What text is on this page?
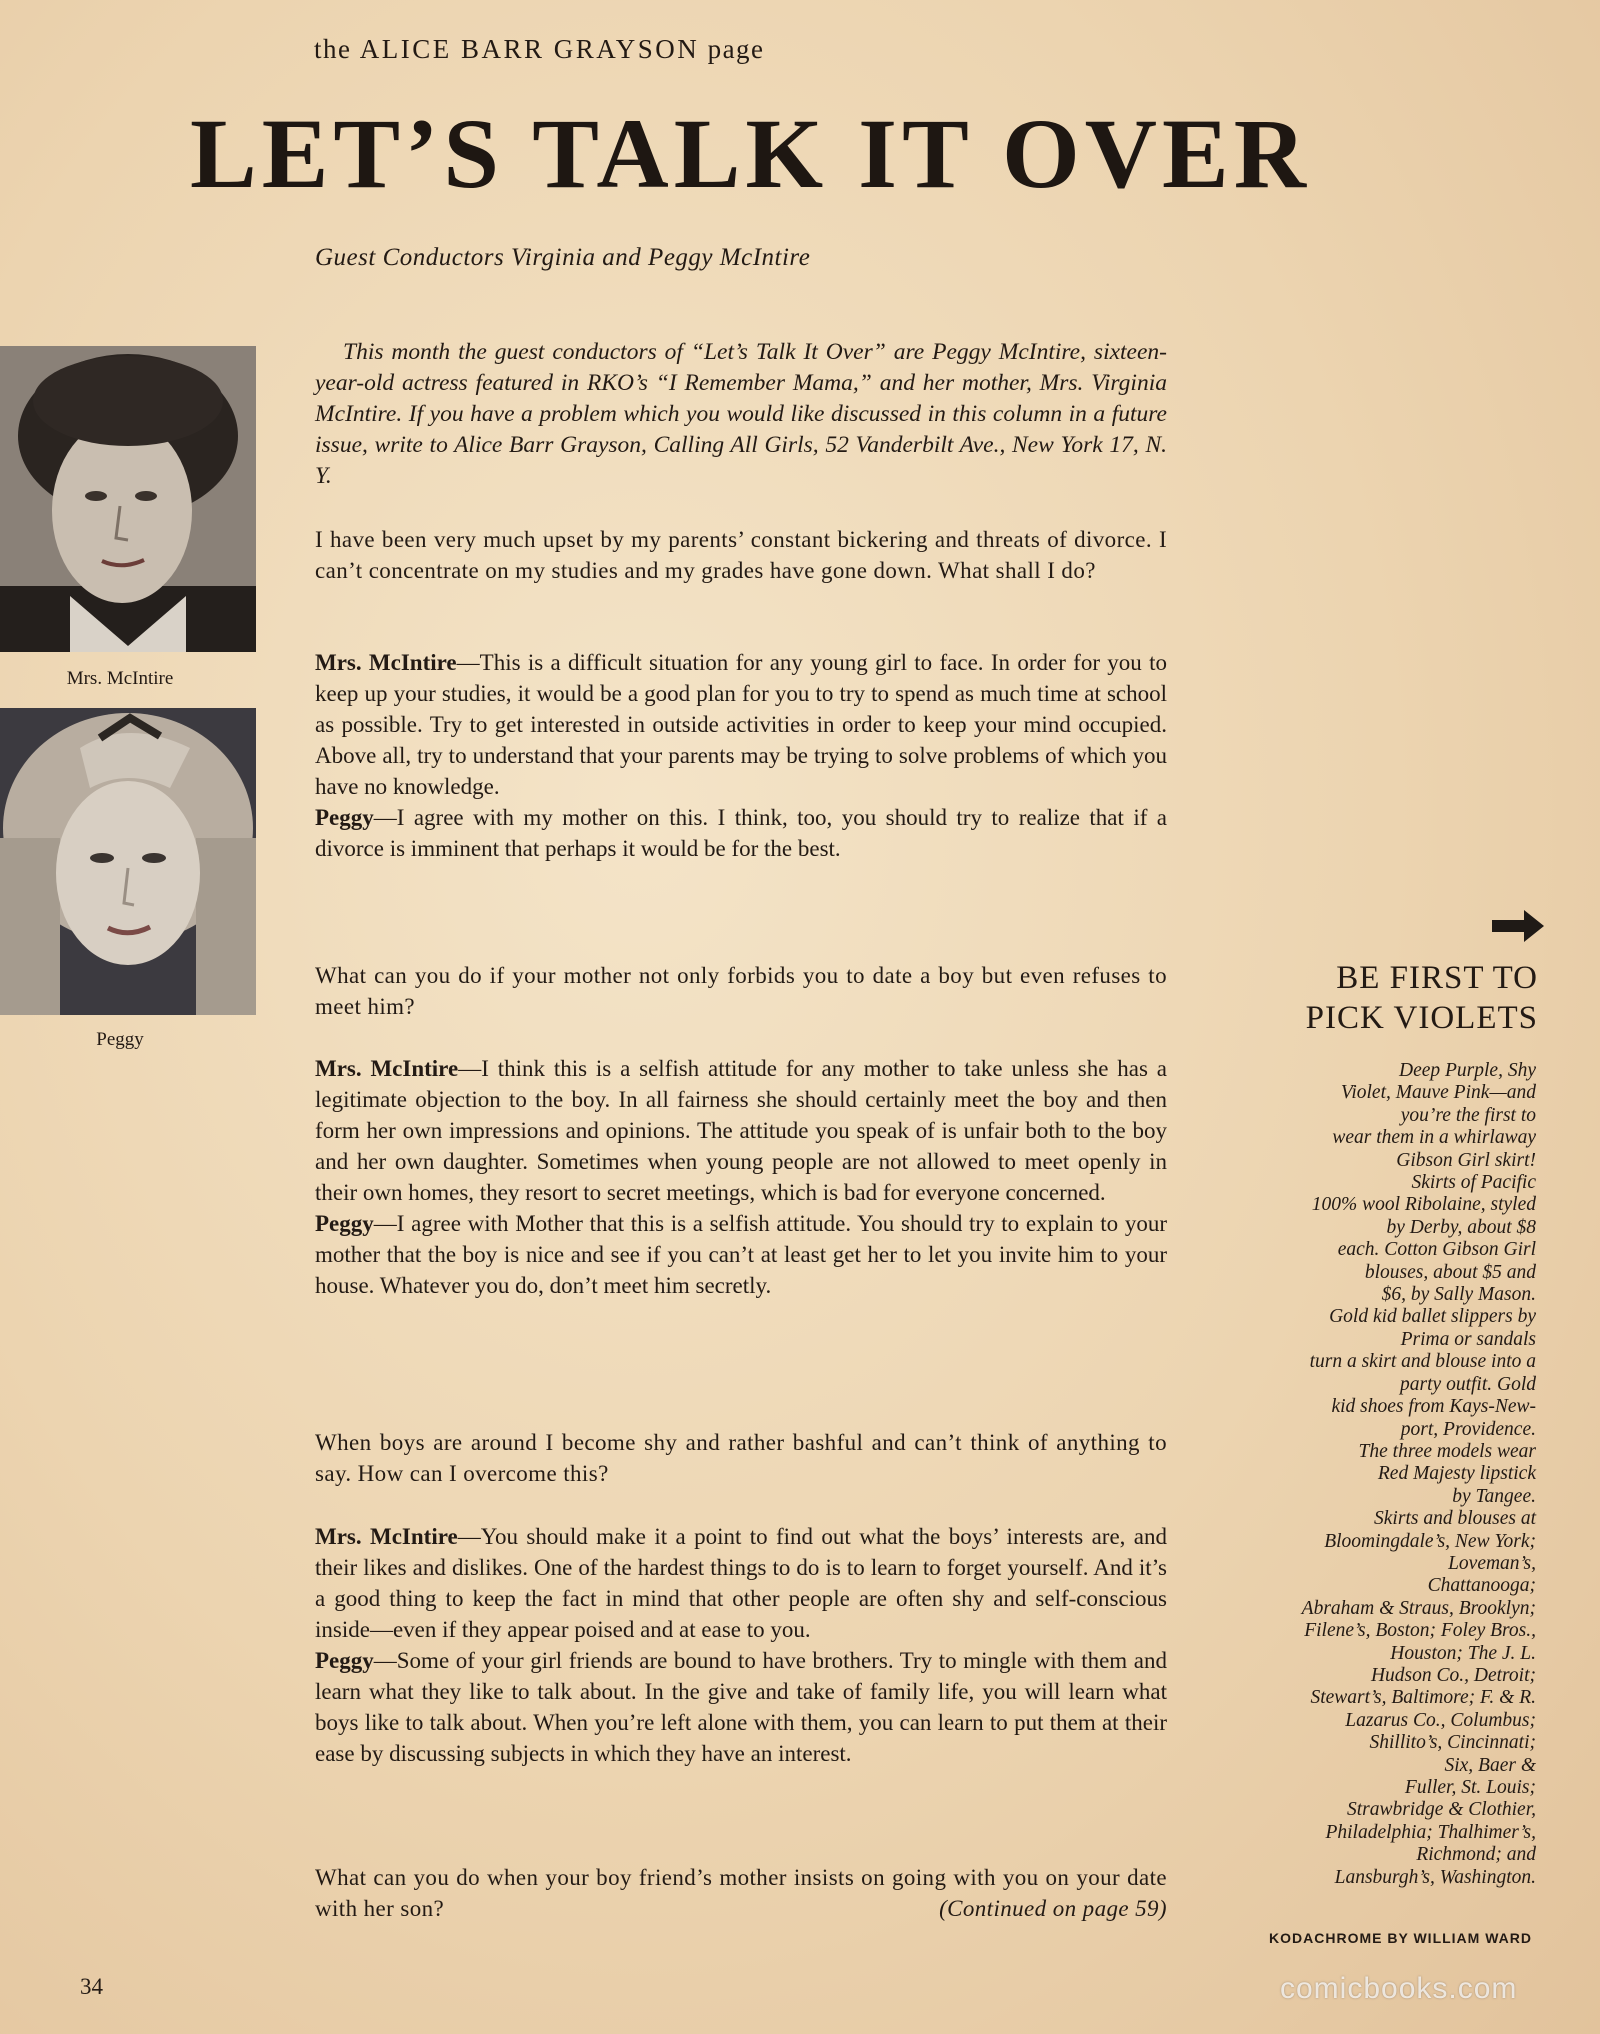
the ALICE BARR GRAYSON page
LET’S TALK IT OVER
Guest Conductors Virginia and Peggy McIntire
Mrs. McIntire
Peggy

This month the guest conductors of “Let’s Talk It Over” are Peggy McIntire, sixteen-year-old actress featured in RKO’s “I Remember Mama,” and her mother, Mrs. Virginia McIntire. If you have a problem which you would like discussed in this column in a future issue, write to Alice Barr Grayson, Calling All Girls, 52 Vanderbilt Ave., New York 17, N. Y.

I have been very much upset by my parents’ constant bickering and threats of divorce. I can’t concentrate on my studies and my grades have gone down. What shall I do?

Mrs. McIntire—This is a difficult situation for any young girl to face. In order for you to keep up your studies, it would be a good plan for you to try to spend as much time at school as possible. Try to get interested in outside activities in order to keep your mind occupied. Above all, try to understand that your parents may be trying to solve problems of which you have no knowledge.

Peggy—I agree with my mother on this. I think, too, you should try to realize that if a divorce is imminent that perhaps it would be for the best.

What can you do if your mother not only forbids you to date a boy but even refuses to meet him?

Mrs. McIntire—I think this is a selfish attitude for any mother to take unless she has a legitimate objection to the boy. In all fairness she should certainly meet the boy and then form her own impressions and opinions. The attitude you speak of is unfair both to the boy and her own daughter. Sometimes when young people are not allowed to meet openly in their own homes, they resort to secret meetings, which is bad for everyone concerned.

Peggy—I agree with Mother that this is a selfish attitude. You should try to explain to your mother that the boy is nice and see if you can’t at least get her to let you invite him to your house. Whatever you do, don’t meet him secretly.

When boys are around I become shy and rather bashful and can’t think of anything to say. How can I overcome this?

Mrs. McIntire—You should make it a point to find out what the boys’ interests are, and their likes and dislikes. One of the hardest things to do is to learn to forget yourself. And it’s a good thing to keep the fact in mind that other people are often shy and self-conscious inside—even if they appear poised and at ease to you.

Peggy—Some of your girl friends are bound to have brothers. Try to mingle with them and learn what they like to talk about. In the give and take of family life, you will learn what boys like to talk about. When you’re left alone with them, you can learn to put them at their ease by discussing subjects in which they have an interest.

What can you do when your boy friend’s mother insists on going with you on your date with her son?	(Continued on page 59)

BE FIRST TO
PICK VIOLETS
Deep Purple, Shy
Violet, Mauve Pink—and
you’re the first to
wear them in a whirlaway
Gibson Girl skirt!
Skirts of Pacific
100% wool Ribolaine, styled
by Derby, about $8
each. Cotton Gibson Girl
blouses, about $5 and
$6, by Sally Mason.
Gold kid ballet slippers by
Prima or sandals
turn a skirt and blouse into a
party outfit. Gold
kid shoes from Kays-New-
port, Providence.
The three models wear
Red Majesty lipstick
by Tangee.
Skirts and blouses at
Bloomingdale’s, New York;
Loveman’s,
Chattanooga;
Abraham & Straus, Brooklyn;
Filene’s, Boston; Foley Bros.,
Houston; The J. L.
Hudson Co., Detroit;
Stewart’s, Baltimore; F. & R.
Lazarus Co., Columbus;
Shillito’s, Cincinnati;
Six, Baer &
Fuller, St. Louis;
Strawbridge & Clothier,
Philadelphia; Thalhimer’s,
Richmond; and
Lansburgh’s, Washington.
KODACHROME BY WILLIAM WARD
34	comicbooks.com
